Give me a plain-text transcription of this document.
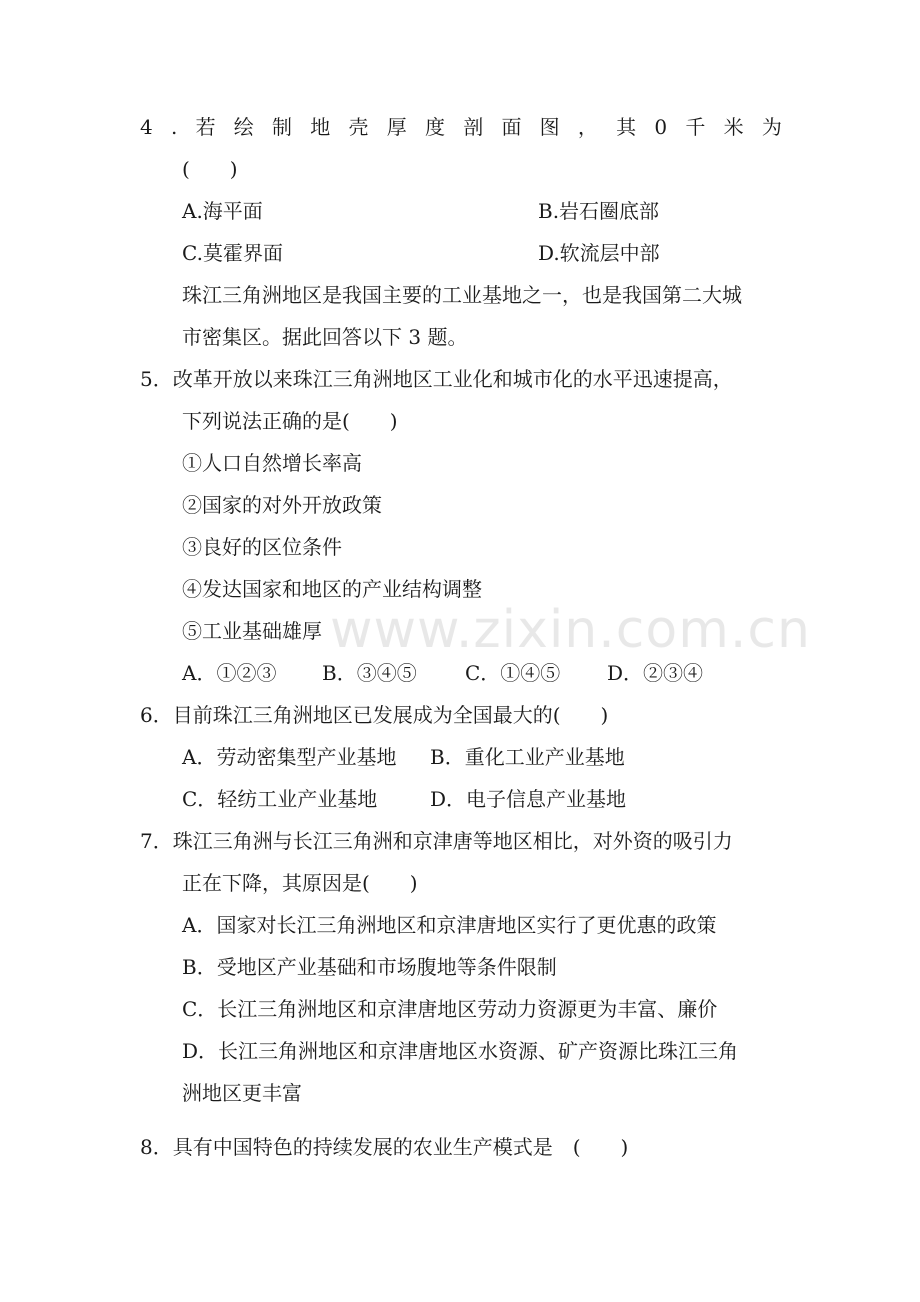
4 . 若 绘 制 地 壳 厚 度 剖 面 图 ， 其 0 千 米 为
(　　)
A.海平面	B.岩石圈底部
C.莫霍界面	D.软流层中部
珠江三角洲地区是我国主要的工业基地之一，也是我国第二大城
市密集区。据此回答以下 3 题。
5．改革开放以来珠江三角洲地区工业化和城市化的水平迅速提高，
下列说法正确的是(　　)
①人口自然增长率高
②国家的对外开放政策
③良好的区位条件
④发达国家和地区的产业结构调整
⑤工业基础雄厚
A．①②③ B．③④⑤ C．①④⑤ D．②③④
6．目前珠江三角洲地区已发展成为全国最大的(　　)
A．劳动密集型产业基地 B．重化工业产业基地
C．轻纺工业产业基地	D．电子信息产业基地
7．珠江三角洲与长江三角洲和京津唐等地区相比，对外资的吸引力
正在下降，其原因是(　　)
A．国家对长江三角洲地区和京津唐地区实行了更优惠的政策
B．受地区产业基础和市场腹地等条件限制
C．长江三角洲地区和京津唐地区劳动力资源更为丰富、廉价
D．长江三角洲地区和京津唐地区水资源、矿产资源比珠江三角
洲地区更丰富
8．具有中国特色的持续发展的农业生产模式是　(　　)
www.zixin.com.cn
